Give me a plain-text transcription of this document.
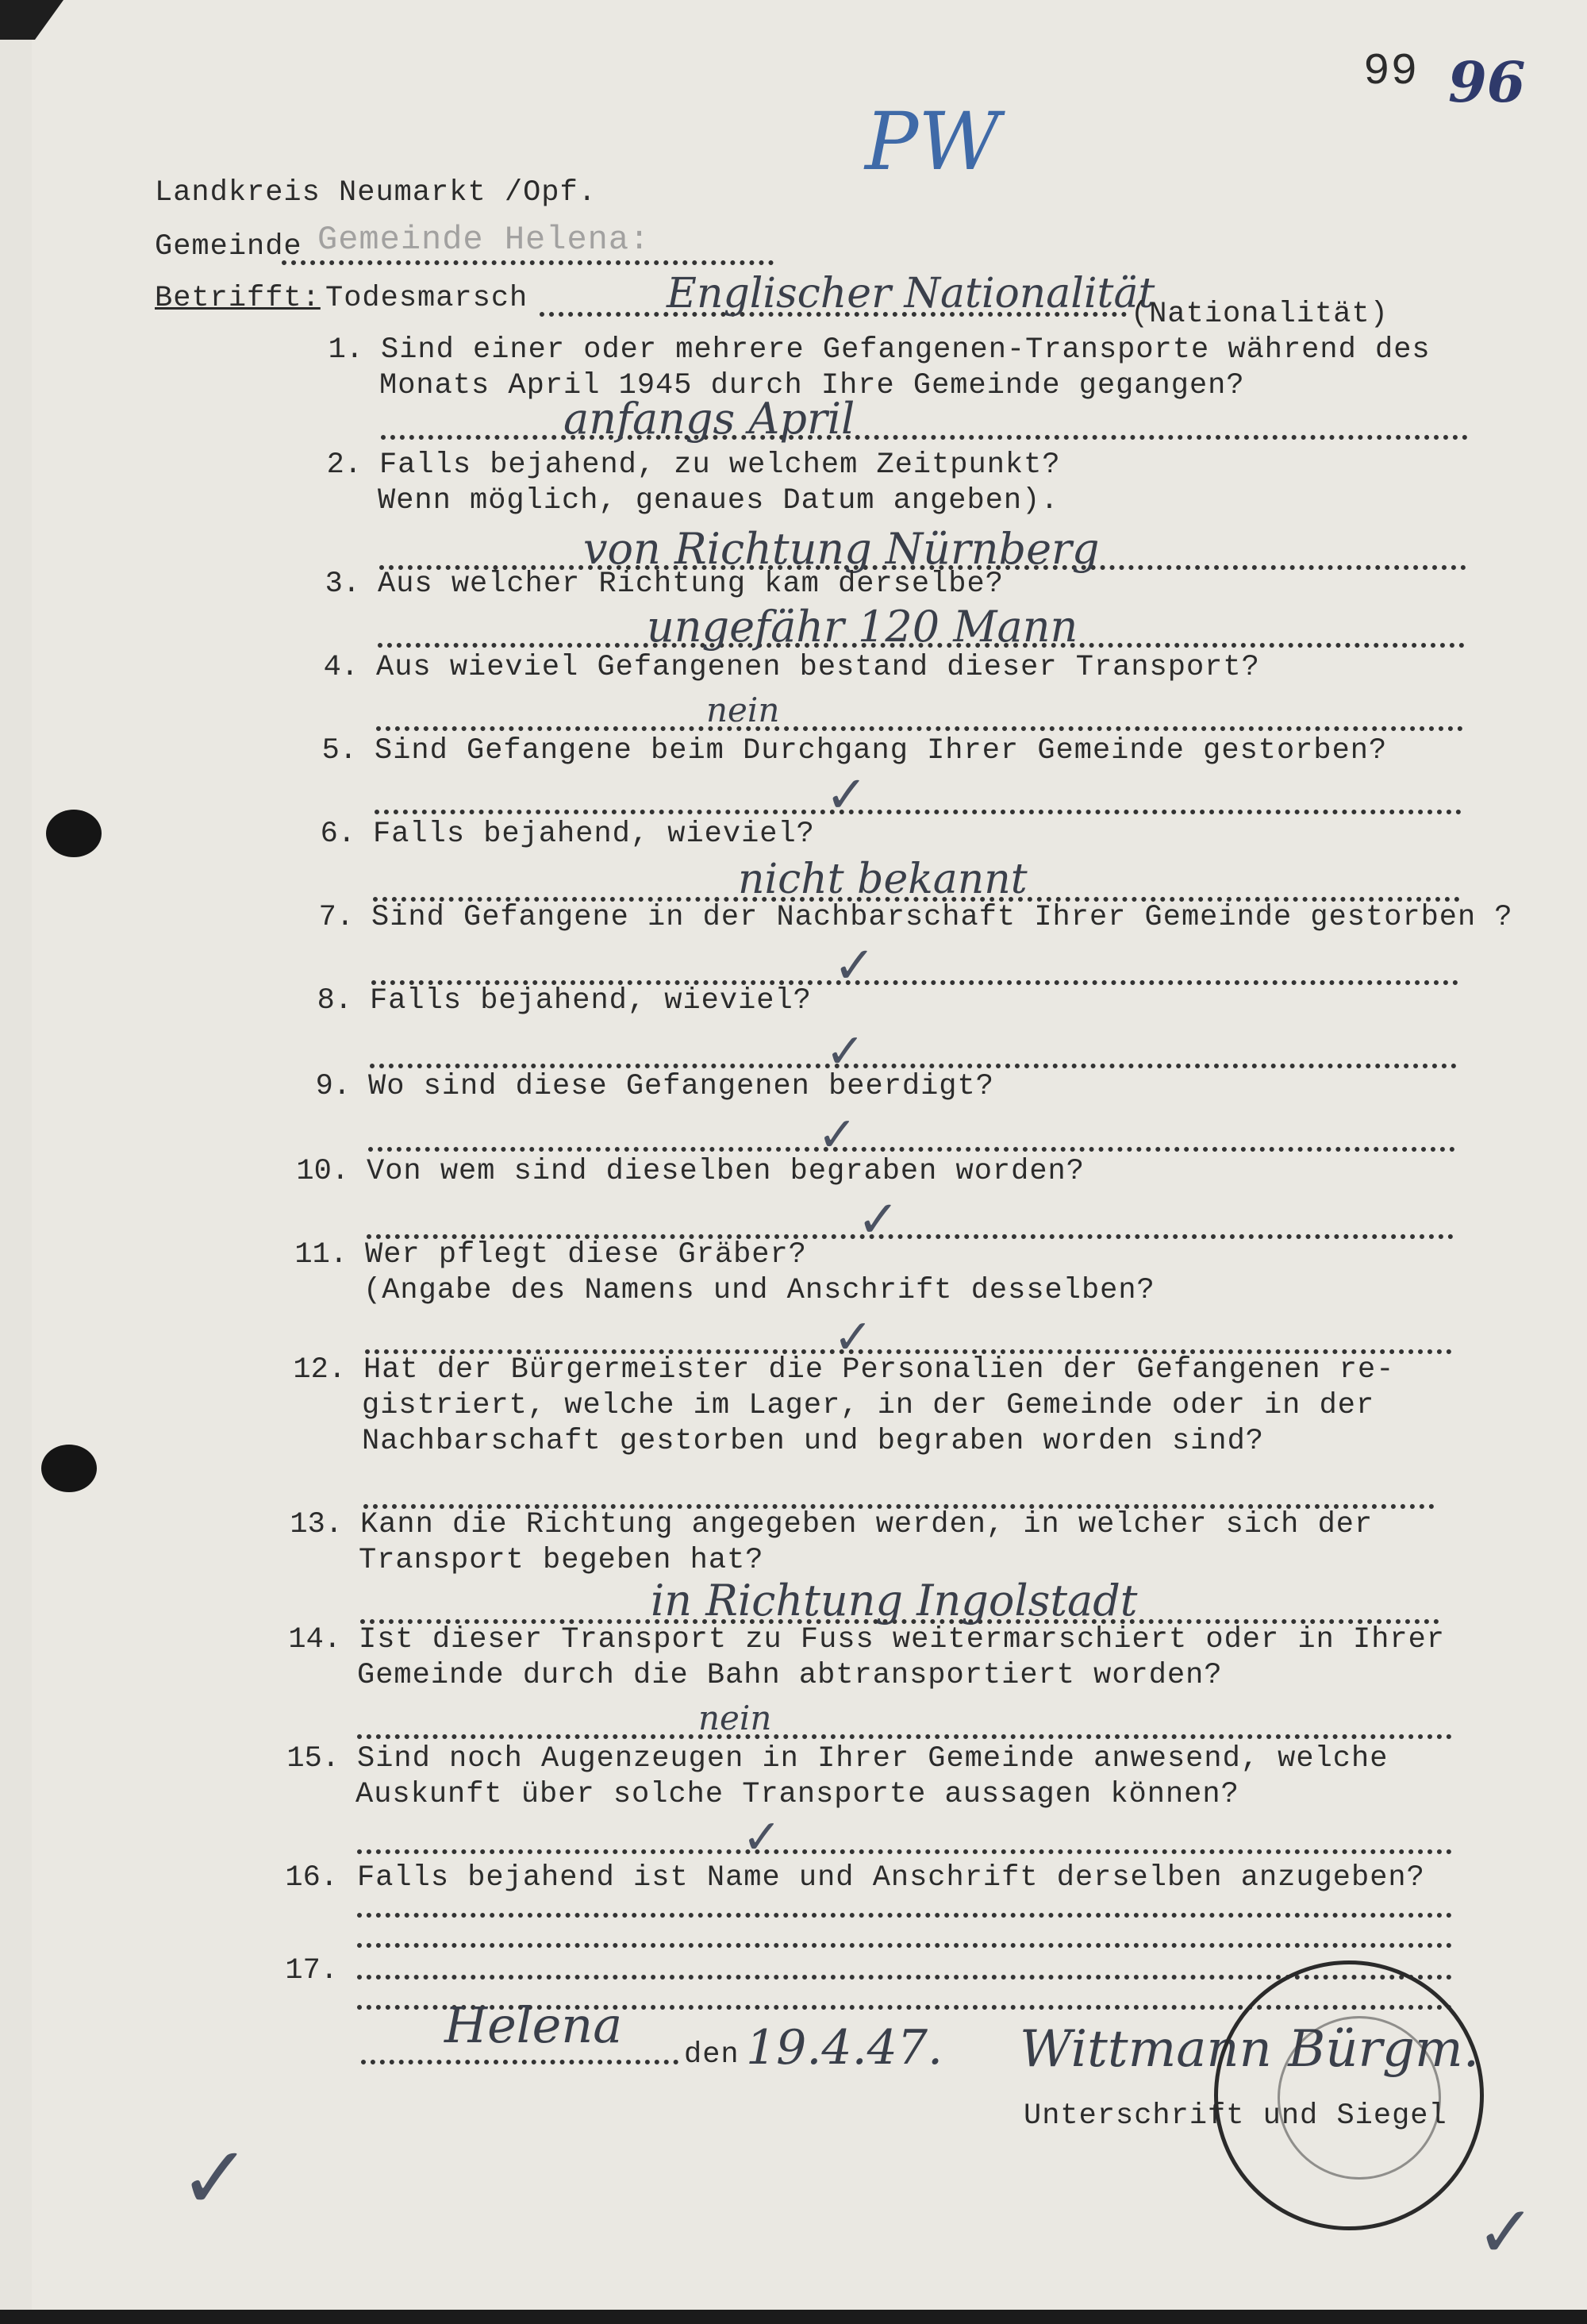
99 96
PW
Landkreis Neumarkt /Opf.
Gemeinde Gemeinde Helena:
Betrifft: Todesmarsch	Englischer Nationalität
(Nationalität)
1. Sind einer oder mehrere Gefangenen-Transporte während des
Monats April 1945 durch Ihre Gemeinde gegangen?
anfangs April
2. Falls bejahend, zu welchem Zeitpunkt?
Wenn möglich, genaues Datum angeben).
von Richtung Nürnberg
3. Aus welcher Richtung kam derselbe?
ungefähr 120 Mann
4. Aus wieviel Gefangenen bestand dieser Transport?
nein
5. Sind Gefangene beim Durchgang Ihrer Gemeinde gestorben?
✓
6. Falls bejahend, wieviel?
nicht bekannt
7. Sind Gefangene in der Nachbarschaft Ihrer Gemeinde gestorben ?
✓
8. Falls bejahend, wieviel?
✓
9. Wo sind diese Gefangenen beerdigt?
✓
10. Von wem sind dieselben begraben worden?
✓
11. Wer pflegt diese Gräber?
(Angabe des Namens und Anschrift desselben?
✓
12. Hat der Bürgermeister die Personalien der Gefangenen re-
gistriert, welche im Lager, in der Gemeinde oder in der
Nachbarschaft gestorben und begraben worden sind?
13. Kann die Richtung angegeben werden, in welcher sich der
Transport begeben hat?
in Richtung Ingolstadt
14. Ist dieser Transport zu Fuss weitermarschiert oder in Ihrer
Gemeinde durch die Bahn abtransportiert worden?
nein
15. Sind noch Augenzeugen in Ihrer Gemeinde anwesend, welche
Auskunft über solche Transporte aussagen können?
✓
16. Falls bejahend ist Name und Anschrift derselben anzugeben?
17.
Helena
den 19.4.47. Wittmann Bürgm.
Unterschrift und Siegel
✓
✓
